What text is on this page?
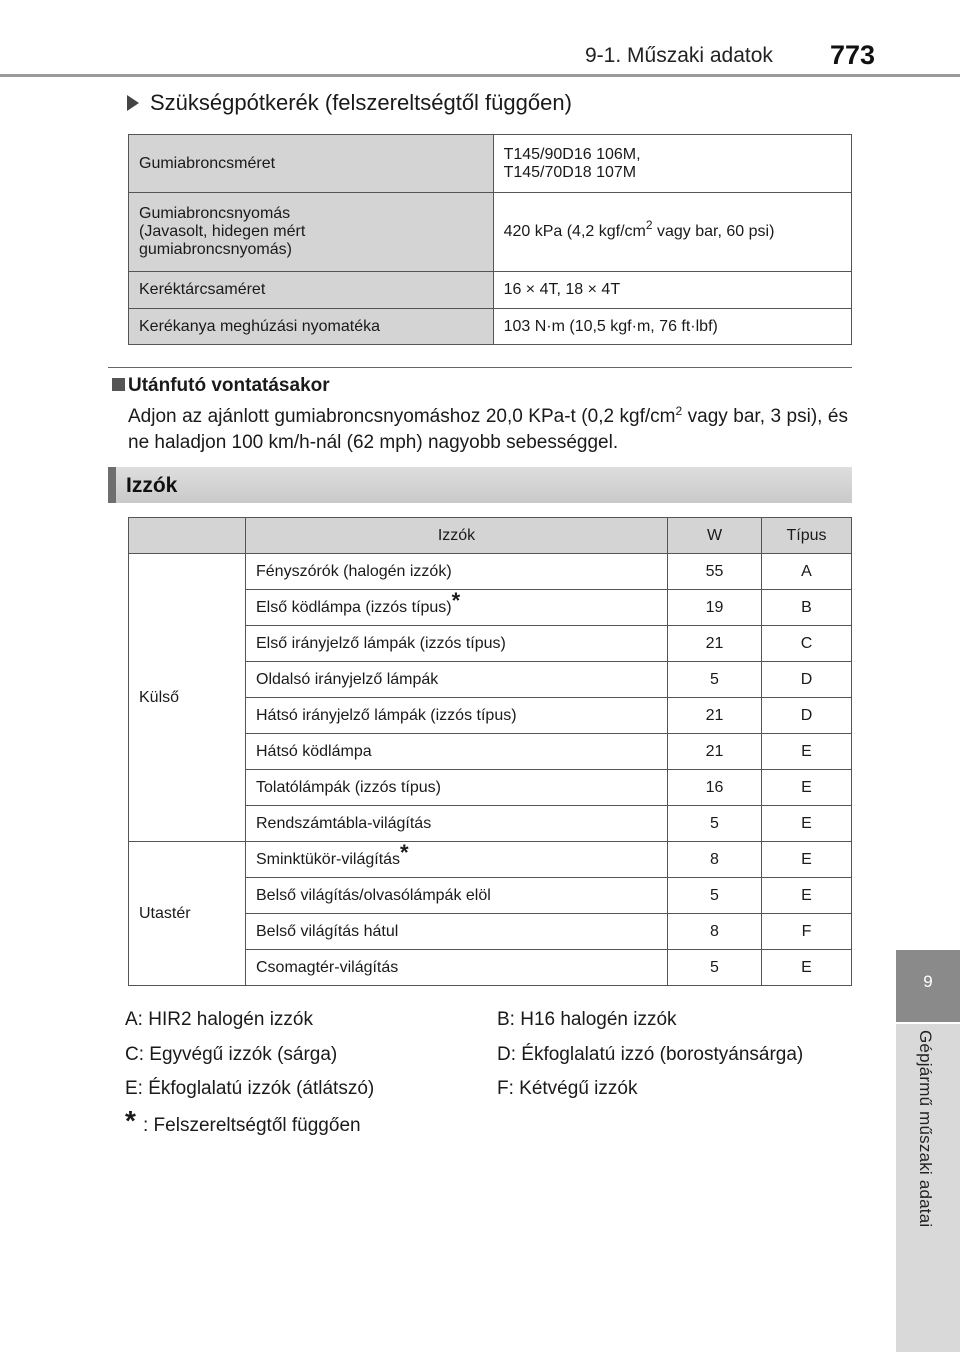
9-1. Műszaki adatok 773
9
Gépjármű műszaki adatai
Szükségpótkerék (felszereltségtől függően)
Gumiabroncsméret	T145/90D16 106M,
T145/70D18 107M
Gumiabroncsnyomás
(Javasolt, hidegen mért
gumiabroncsnyomás)	420 kPa (4,2 kgf/$cm^2$ vagy bar, 60 psi)
Keréktárcsaméret	16 × 4T, 18 × 4T
Kerékanya meghúzási nyomatéka	103 N·m (10,5 kgf·m, 76 ft·lbf)
Utánfutó vontatásakor
Adjon az ajánlott gumiabroncsnyomáshoz 20,0 KPa-t (0,2 kgf/$cm^2$ vagy bar, 3 psi), és ne haladjon 100 km/h-nál (62 mph) nagyobb sebességgel.
Izzók
	Izzók	W	Típus
Külső	Fényszórók (halogén izzók)	55	A
	Első ködlámpa (izzós típus)*	19	B
	Első irányjelző lámpák (izzós típus)	21	C
	Oldalsó irányjelző lámpák	5	D
	Hátsó irányjelző lámpák (izzós típus)	21	D
	Hátsó ködlámpa	21	E
	Tolatólámpák (izzós típus)	16	E
	Rendszámtábla-világítás	5	E
Utastér	Sminktükör-világítás*	8	E
	Belső világítás/olvasólámpák elöl	5	E
	Belső világítás hátul	8	F
	Csomagtér-világítás	5	E
A: HIR2 halogén izzók	B: H16 halogén izzók
C: Egyvégű izzók (sárga)	D: Ékfoglalatú izzó (borostyánsárga)
E: Ékfoglalatú izzók (átlátszó)	F: Kétvégű izzók
* : Felszereltségtől függően
